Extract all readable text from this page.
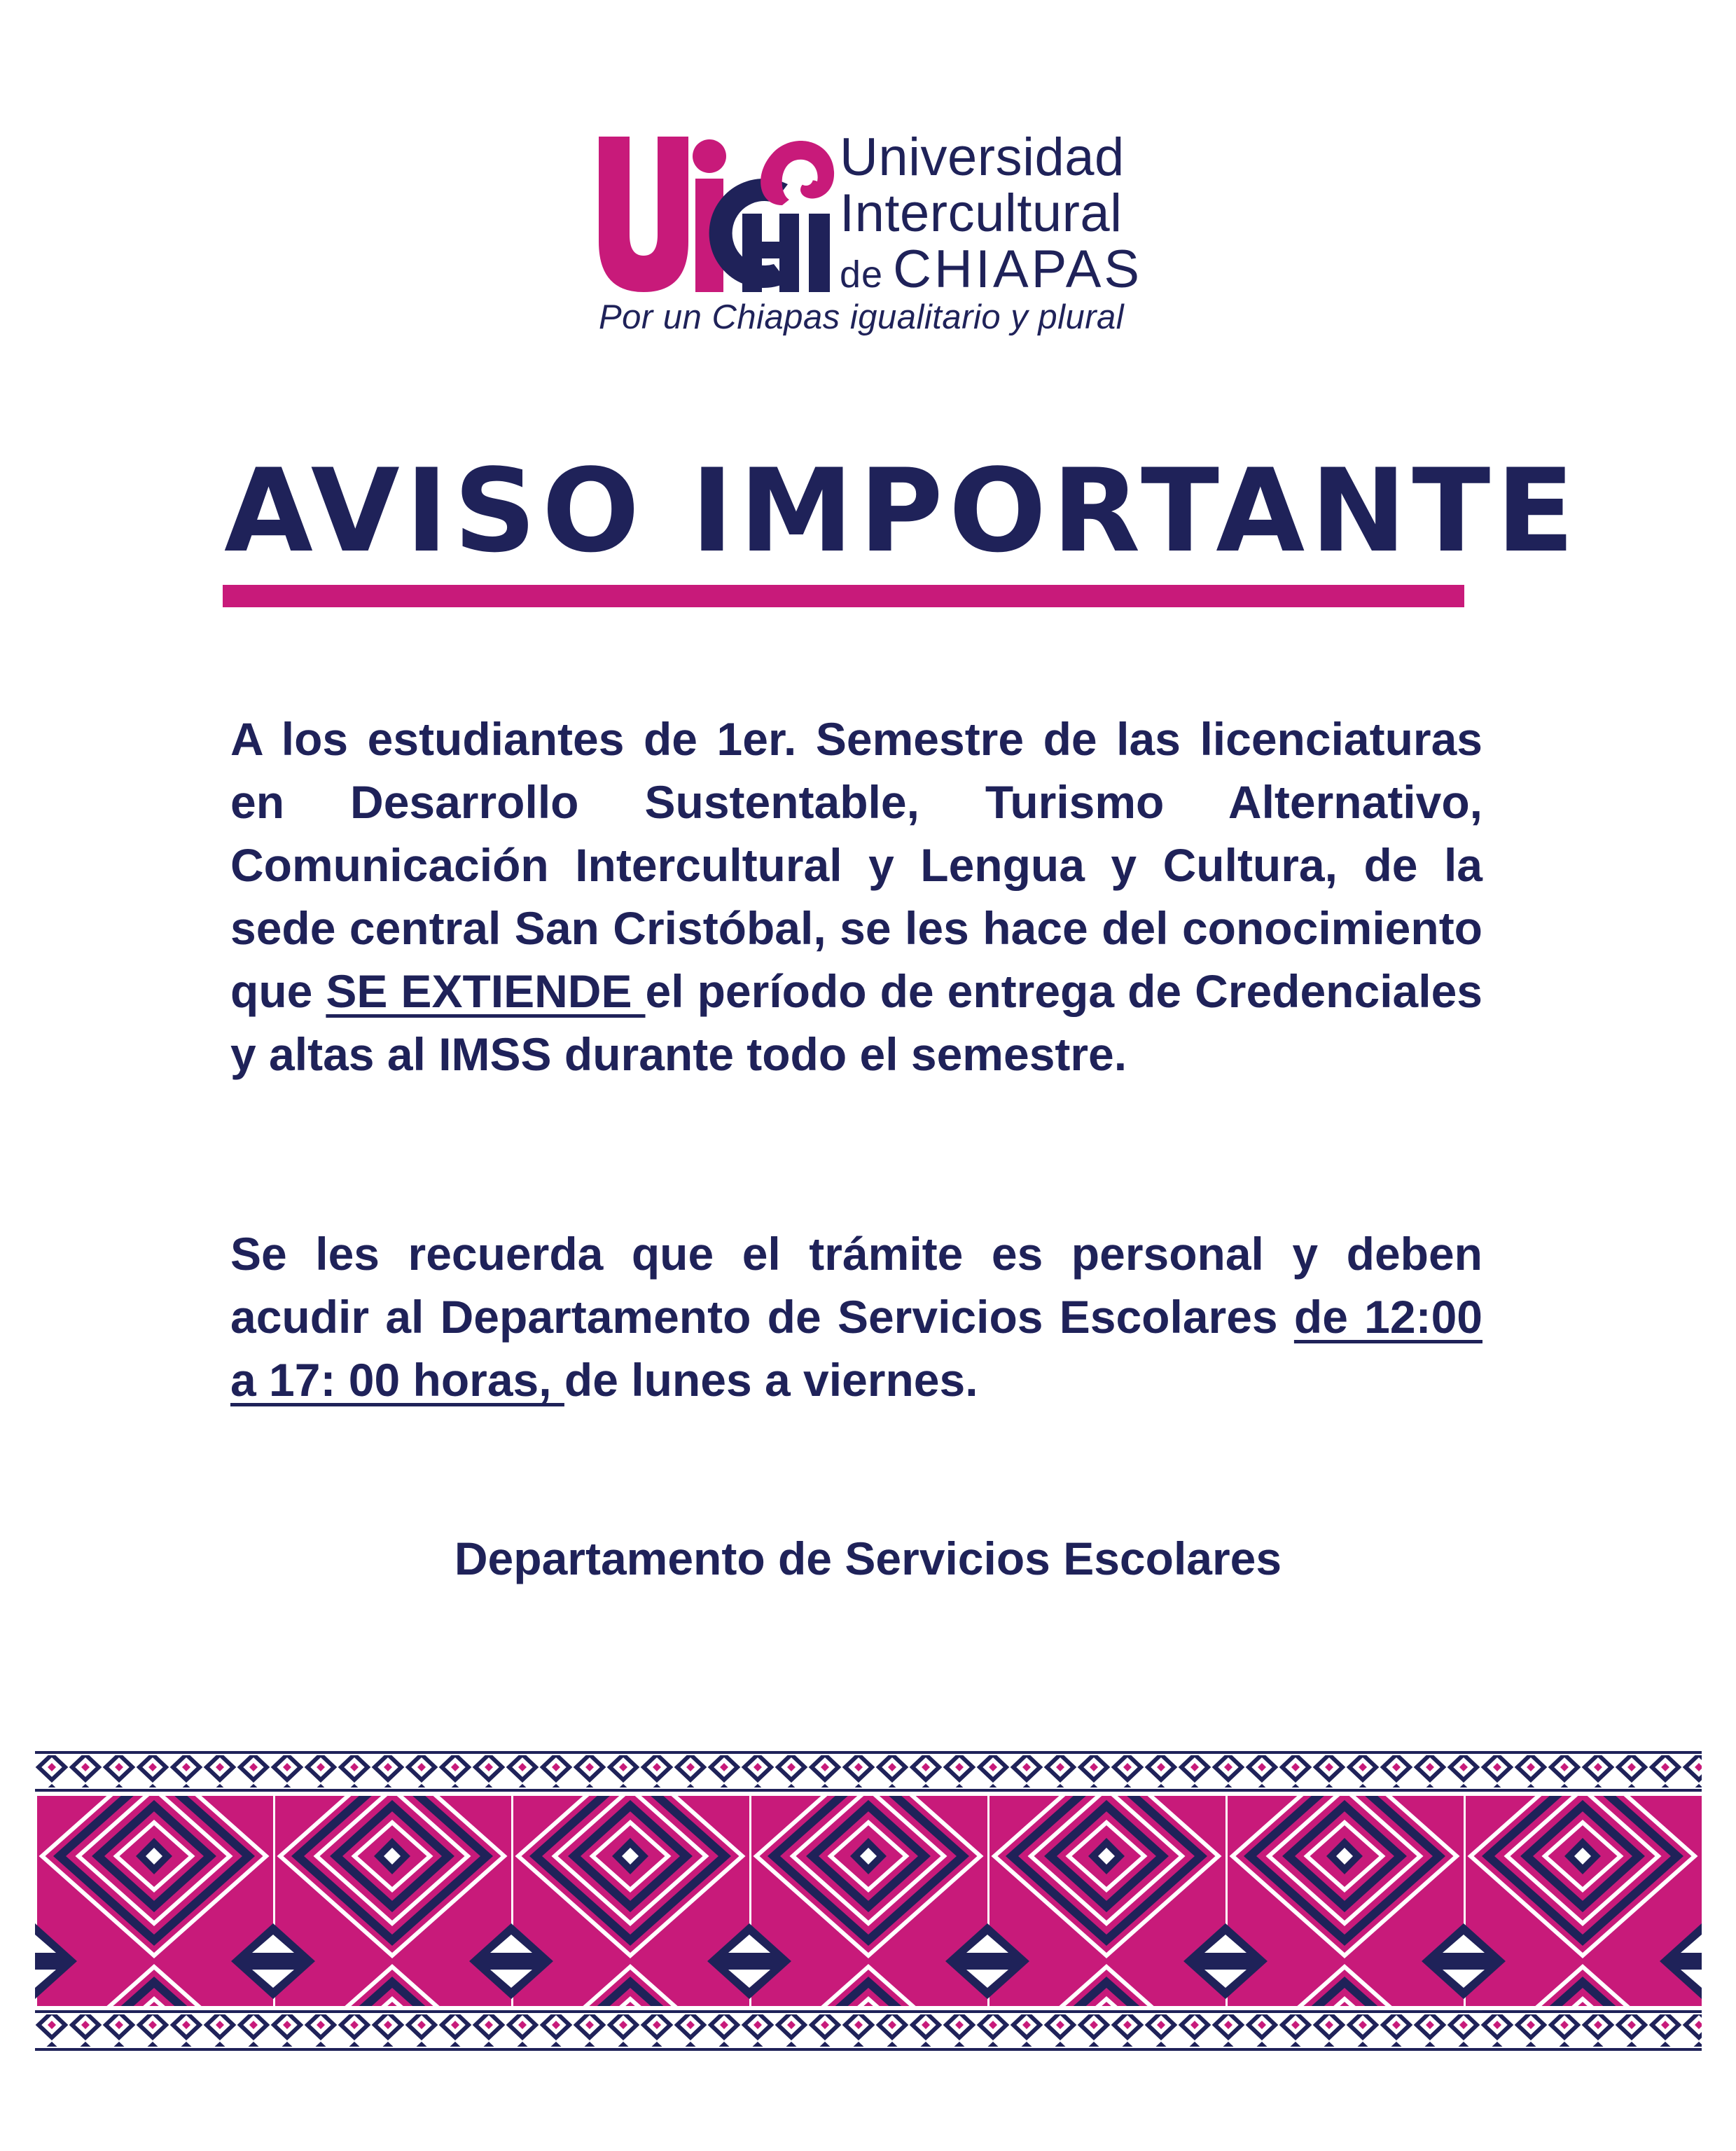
Universidad
Intercultural
de CHIAPAS
Por un Chiapas igualitario y plural
AVISO IMPORTANTE

A los estudiantes de 1er. Semestre de las licenciaturas en Desarrollo Sustentable, Turismo Alternativo, Comunicación Intercultural y Lengua y Cultura, de la sede central San Cristóbal, se les hace del conocimiento que SE EXTIENDE el período de entrega de Credenciales y altas al IMSS durante todo el semestre.

Se les recuerda que el trámite es personal y deben acudir al Departamento de Servicios Escolares de 12:00 a 17: 00 horas, de lunes a viernes.

Departamento de Servicios Escolares
